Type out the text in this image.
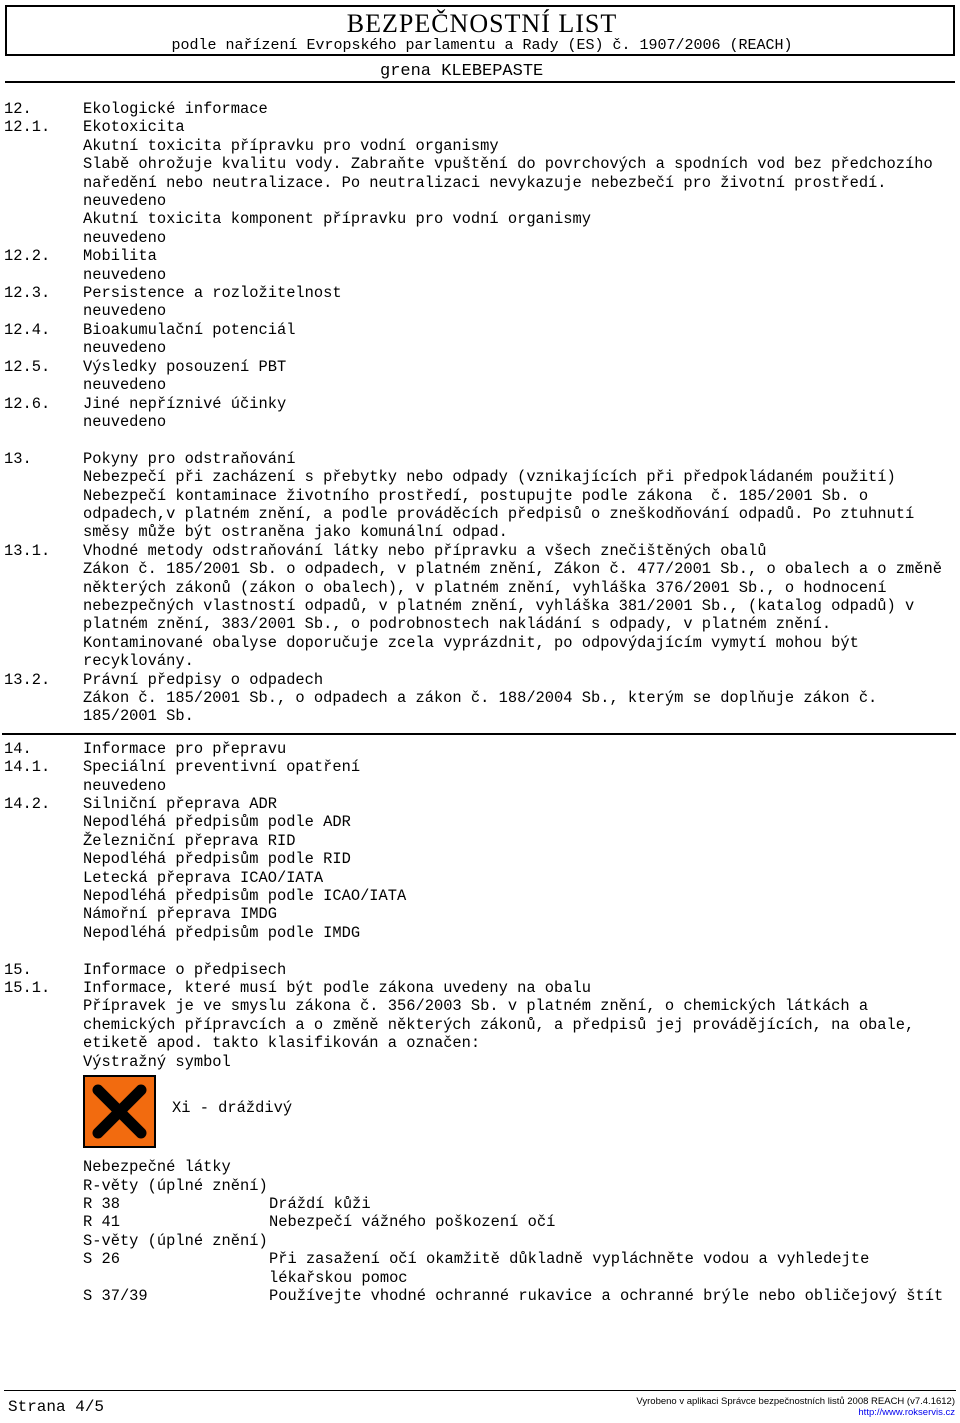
BEZPEČNOSTNÍ LIST
podle nařízení Evropského parlamentu a Rady (ES) č. 1907/2006 (REACH)
grena KLEBEPASTE
12.	Ekologické informace
12.1.	Ekotoxicita
Akutní toxicita přípravku pro vodní organismy
Slabě ohrožuje kvalitu vody. Zabraňte vpuštění do povrchových a spodních vod bez předchozího naředění nebo neutralizace. Po neutralizaci nevykazuje nebezbečí pro životní prostředí.
neuvedeno
Akutní toxicita komponent přípravku pro vodní organismy
neuvedeno
12.2.	Mobilita
neuvedeno
12.3.	Persistence a rozložitelnost
neuvedeno
12.4.	Bioakumulační potenciál
neuvedeno
12.5.	Výsledky posouzení PBT
neuvedeno
12.6.	Jiné nepříznivé účinky
neuvedeno
13.	Pokyny pro odstraňování
Nebezpečí při zacházení s přebytky nebo odpady (vznikajících při předpokládaném použití)
Nebezpečí kontaminace životního prostředí, postupujte podle zákona  č. 185/2001 Sb. o odpadech,v platném znění, a podle prováděcích předpisů o zneškodňování odpadů. Po ztuhnutí směsy může být ostraněna jako komunální odpad.
13.1.	Vhodné metody odstraňování látky nebo přípravku a všech znečištěných obalů
Zákon č. 185/2001 Sb. o odpadech, v platném znění, Zákon č. 477/2001 Sb., o obalech a o změně některých zákonů (zákon o obalech), v platném znění, vyhláška 376/2001 Sb., o hodnocení nebezpečných vlastností odpadů, v platném znění, vyhláška 381/2001 Sb., (katalog odpadů) v platném znění, 383/2001 Sb., o podrobnostech nakládání s odpady, v platném znění. Kontaminované obalyse doporučuje zcela vyprázdnit, po odpovýdajícím vymytí mohou být recyklovány.
13.2.	Právní předpisy o odpadech
Zákon č. 185/2001 Sb., o odpadech a zákon č. 188/2004 Sb., kterým se doplňuje zákon č. 185/2001 Sb.
14.	Informace pro přepravu
14.1.	Speciální preventivní opatření
neuvedeno
14.2.	Silniční přeprava ADR
Nepodléhá předpisům podle ADR
Železniční přeprava RID
Nepodléhá předpisům podle RID
Letecká přeprava ICAO/IATA
Nepodléhá předpisům podle ICAO/IATA
Námořní přeprava IMDG
Nepodléhá předpisům podle IMDG
15.	Informace o předpisech
15.1.	Informace, které musí být podle zákona uvedeny na obalu
Přípravek je ve smyslu zákona č. 356/2003 Sb. v platném znění, o chemických látkách a chemických přípravcích a o změně některých zákonů, a předpisů jej provádějících, na obale, etiketě apod. takto klasifikován a označen:
Výstražný symbol
Xi - dráždivý
Nebezpečné látky
R-věty (úplné znění)
R 38	Dráždí kůži
R 41	Nebezpečí vážného poškození očí
S-věty (úplné znění)
S 26	Při zasažení očí okamžitě důkladně vypláchněte vodou a vyhledejte lékařskou pomoc
S 37/39	Používejte vhodné ochranné rukavice a ochranné brýle nebo obličejový štít
Strana 4/5	Vyrobeno v aplikaci Správce bezpečnostních listů 2008 REACH (v7.4.1612)
http://www.rokservis.cz
